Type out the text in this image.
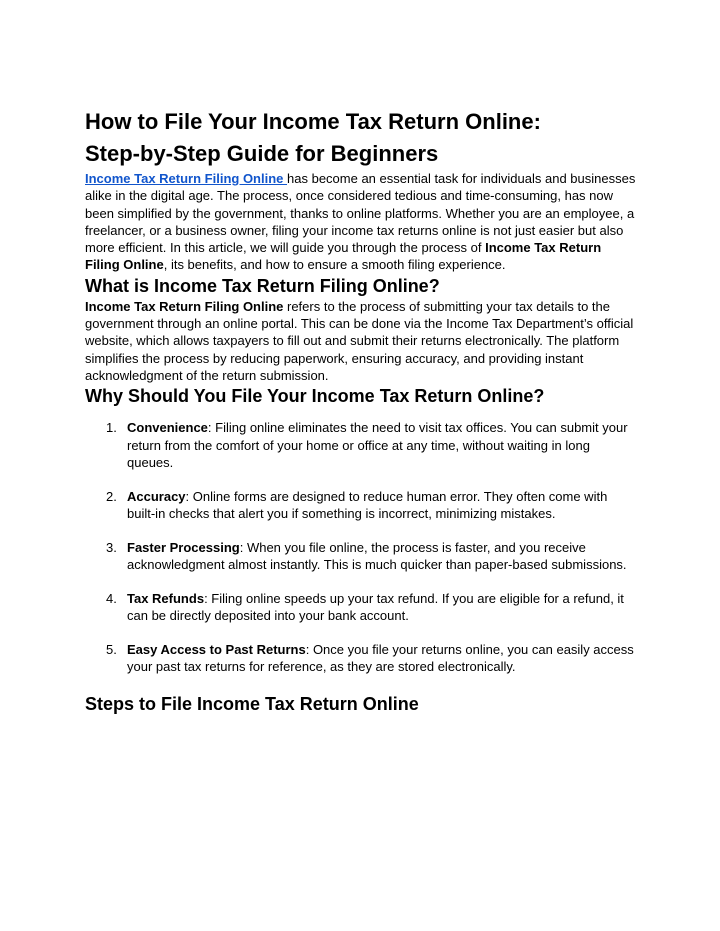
How to File Your Income Tax Return Online:
Step-by-Step Guide for Beginners

Income Tax Return Filing Online has become an essential task for individuals and businesses alike in the digital age. The process, once considered tedious and time-consuming, has now been simplified by the government, thanks to online platforms. Whether you are an employee, a freelancer, or a business owner, filing your income tax returns online is not just easier but also more efficient. In this article, we will guide you through the process of Income Tax Return Filing Online, its benefits, and how to ensure a smooth filing experience.

What is Income Tax Return Filing Online?

Income Tax Return Filing Online refers to the process of submitting your tax details to the government through an online portal. This can be done via the Income Tax Department’s official website, which allows taxpayers to fill out and submit their returns electronically. The platform simplifies the process by reducing paperwork, ensuring accuracy, and providing instant acknowledgment of the return submission.

Why Should You File Your Income Tax Return Online?
1. Convenience: Filing online eliminates the need to visit tax offices. You can submit your return from the comfort of your home or office at any time, without waiting in long queues.
2. Accuracy: Online forms are designed to reduce human error. They often come with built-in checks that alert you if something is incorrect, minimizing mistakes.
3. Faster Processing: When you file online, the process is faster, and you receive acknowledgment almost instantly. This is much quicker than paper-based submissions.
4. Tax Refunds: Filing online speeds up your tax refund. If you are eligible for a refund, it can be directly deposited into your bank account.
5. Easy Access to Past Returns: Once you file your returns online, you can easily access your past tax returns for reference, as they are stored electronically.
Steps to File Income Tax Return Online
